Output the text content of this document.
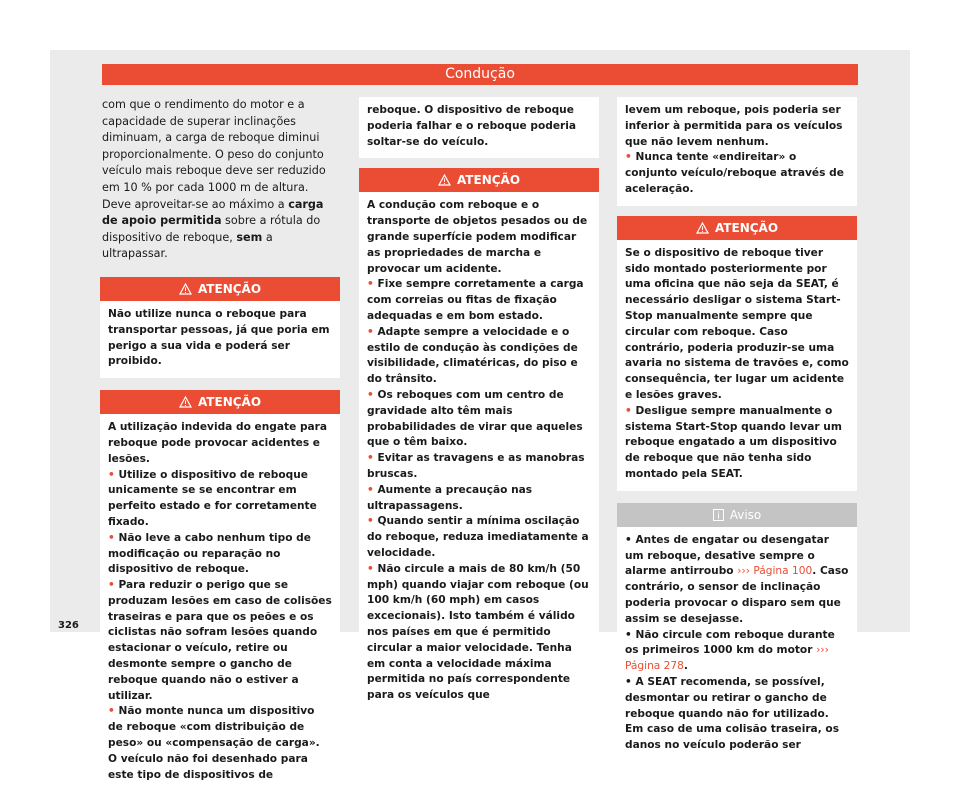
Condução

com que o rendimento do motor e a capacidade de superar inclinações diminuam, a carga de reboque diminui proporcionalmente. O peso do conjunto veículo mais reboque deve ser reduzido em 10 % por cada 1000 m de altura. Deve aproveitar-se ao máximo a carga de apoio permitida sobre a rótula do dispositivo de reboque, sem a ultrapassar.

ATENÇÃO

Não utilize nunca o reboque para transportar pessoas, já que poria em perigo a sua vida e poderá ser proibido.

ATENÇÃO

A utilização indevida do engate para reboque pode provocar acidentes e lesões.

• Utilize o dispositivo de reboque unicamente se se encontrar em perfeito estado e for corretamente fixado.

• Não leve a cabo nenhum tipo de modificação ou reparação no dispositivo de reboque.

• Para reduzir o perigo que se produzam lesões em caso de colisões traseiras e para que os peões e os ciclistas não sofram lesões quando estacionar o veículo, retire ou desmonte sempre o gancho de reboque quando não o estiver a utilizar.

• Não monte nunca um dispositivo de reboque «com distribuição de peso» ou «compensação de carga». O veículo não foi desenhado para este tipo de dispositivos de

reboque. O dispositivo de reboque poderia falhar e o reboque poderia soltar-se do veículo.

ATENÇÃO

A condução com reboque e o transporte de objetos pesados ou de grande superfície podem modificar as propriedades de marcha e provocar um acidente.

• Fixe sempre corretamente a carga com correias ou fitas de fixação adequadas e em bom estado.

• Adapte sempre a velocidade e o estilo de condução às condições de visibilidade, climatéricas, do piso e do trânsito.

• Os reboques com um centro de gravidade alto têm mais probabilidades de virar que aqueles que o têm baixo.

• Evitar as travagens e as manobras bruscas.

• Aumente a precaução nas ultrapassagens.

• Quando sentir a mínima oscilação do reboque, reduza imediatamente a velocidade.

• Não circule a mais de 80 km/h (50 mph) quando viajar com reboque (ou 100 km/h (60 mph) em casos excecionais). Isto também é válido nos países em que é permitido circular a maior velocidade. Tenha em conta a velocidade máxima permitida no país correspondente para os veículos que

levem um reboque, pois poderia ser inferior à permitida para os veículos que não levem nenhum.

• Nunca tente «endireitar» o conjunto veículo/reboque através de aceleração.

ATENÇÃO

Se o dispositivo de reboque tiver sido montado posteriormente por uma oficina que não seja da SEAT, é necessário desligar o sistema Start-Stop manualmente sempre que circular com reboque. Caso contrário, poderia produzir-se uma avaria no sistema de travões e, como consequência, ter lugar um acidente e lesões graves.

• Desligue sempre manualmente o sistema Start-Stop quando levar um reboque engatado a um dispositivo de reboque que não tenha sido montado pela SEAT.

Aviso

• Antes de engatar ou desengatar um reboque, desative sempre o alarme antirroubo ››› Página 100. Caso contrário, o sensor de inclinação poderia provocar o disparo sem que assim se desejasse.

• Não circule com reboque durante os primeiros 1000 km do motor ››› Página 278.

• A SEAT recomenda, se possível, desmontar ou retirar o gancho de reboque quando não for utilizado. Em caso de uma colisão traseira, os danos no veículo poderão ser

326
